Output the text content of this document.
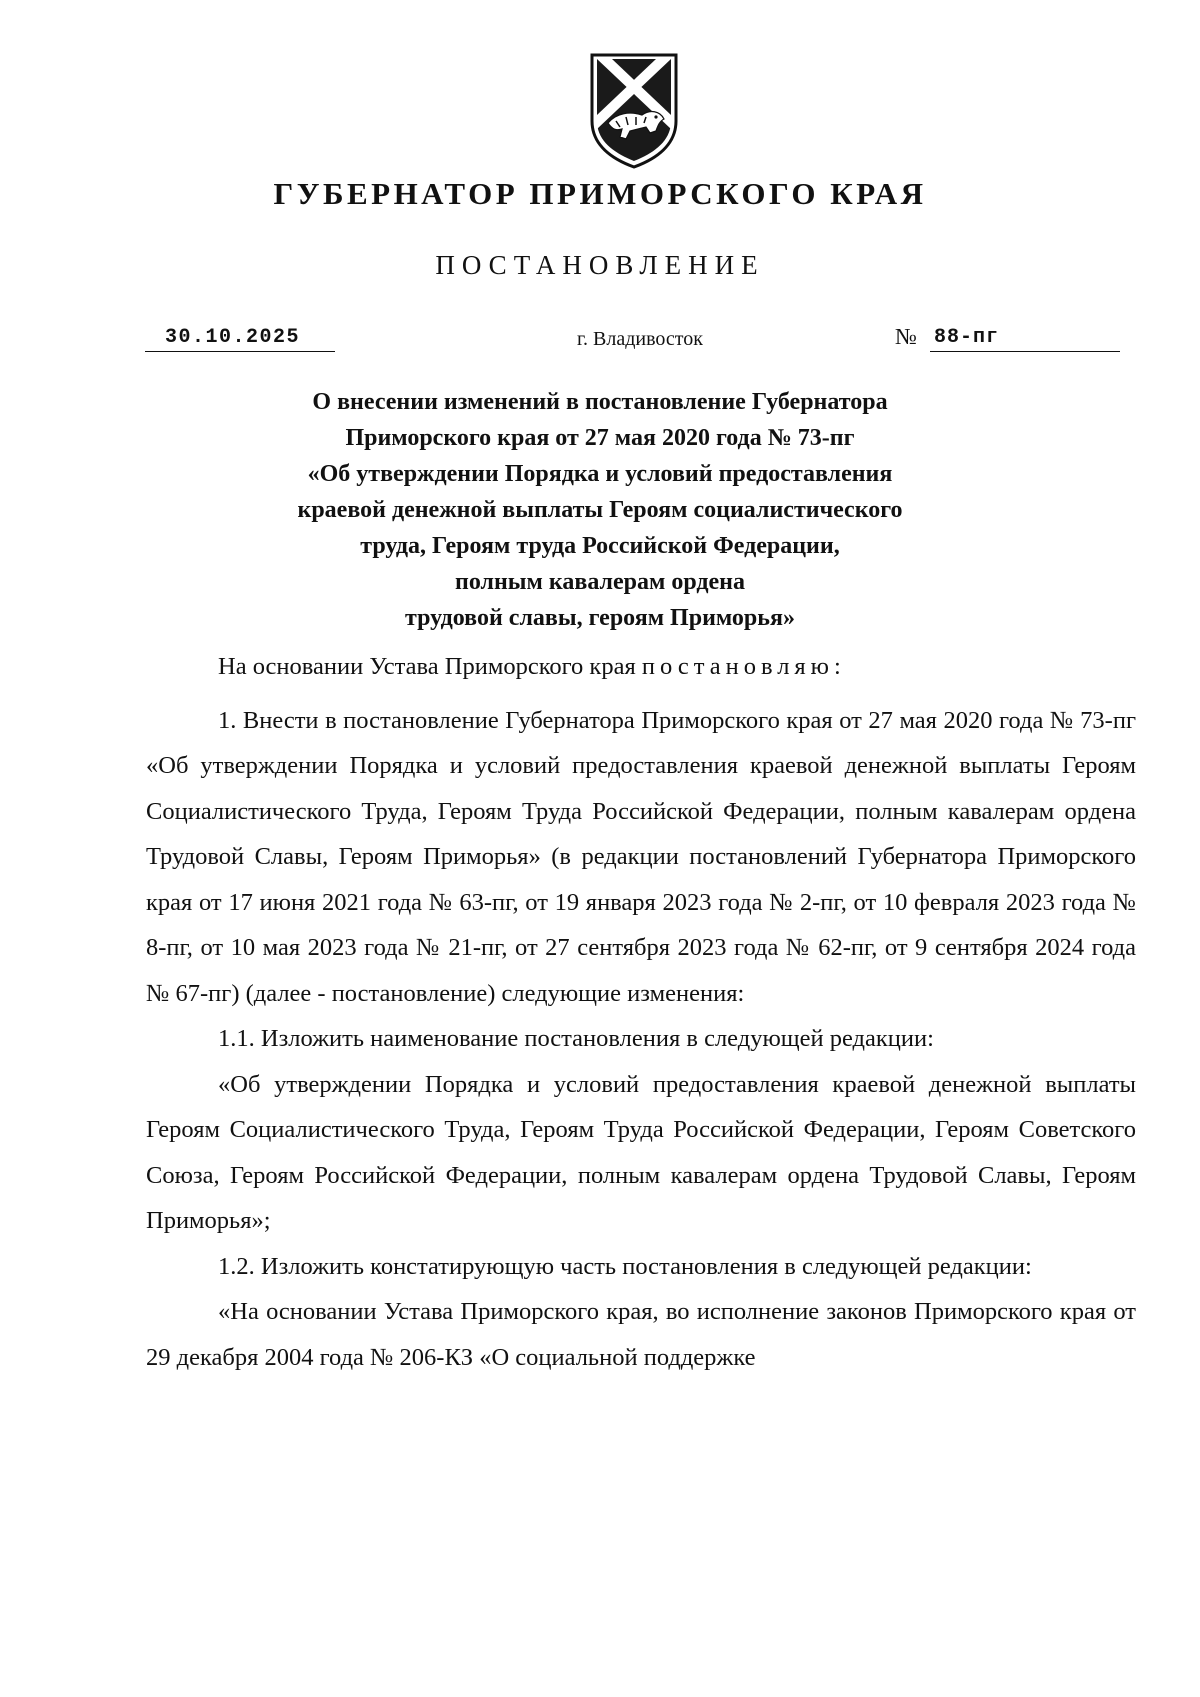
ГУБЕРНАТОР ПРИМОРСКОГО КРАЯ
ПОСТАНОВЛЕНИЕ
30.10.2025	г. Владивосток	№ 88-пг
О внесении изменений в постановление Губернатора
Приморского края от 27 мая 2020 года № 73-пг
«Об утверждении Порядка и условий предоставления
краевой денежной выплаты Героям социалистического
труда, Героям труда Российской Федерации,
полным кавалерам ордена
трудовой славы, героям Приморья»

На основании Устава Приморского края постановляю:

1. Внести в постановление Губернатора Приморского края от 27 мая 2020 года № 73-пг «Об утверждении Порядка и условий предоставления краевой денежной выплаты Героям Социалистического Труда, Героям Труда Российской Федерации, полным кавалерам ордена Трудовой Славы, Героям Приморья» (в редакции постановлений Губернатора Приморского края от 17 июня 2021 года № 63-пг, от 19 января 2023 года № 2-пг, от 10 февраля 2023 года № 8-пг, от 10 мая 2023 года № 21-пг, от 27 сентября 2023 года № 62-пг, от 9 сентября 2024 года № 67-пг) (далее - постановление) следующие изменения:

1.1. Изложить наименование постановления в следующей редакции:

«Об утверждении Порядка и условий предоставления краевой денежной выплаты Героям Социалистического Труда, Героям Труда Российской Федерации, Героям Советского Союза, Героям Российской Федерации, полным кавалерам ордена Трудовой Славы, Героям Приморья»;

1.2. Изложить констатирующую часть постановления в следующей редакции:

«На основании Устава Приморского края, во исполнение законов Приморского края от 29 декабря 2004 года № 206-КЗ «О социальной поддержке
